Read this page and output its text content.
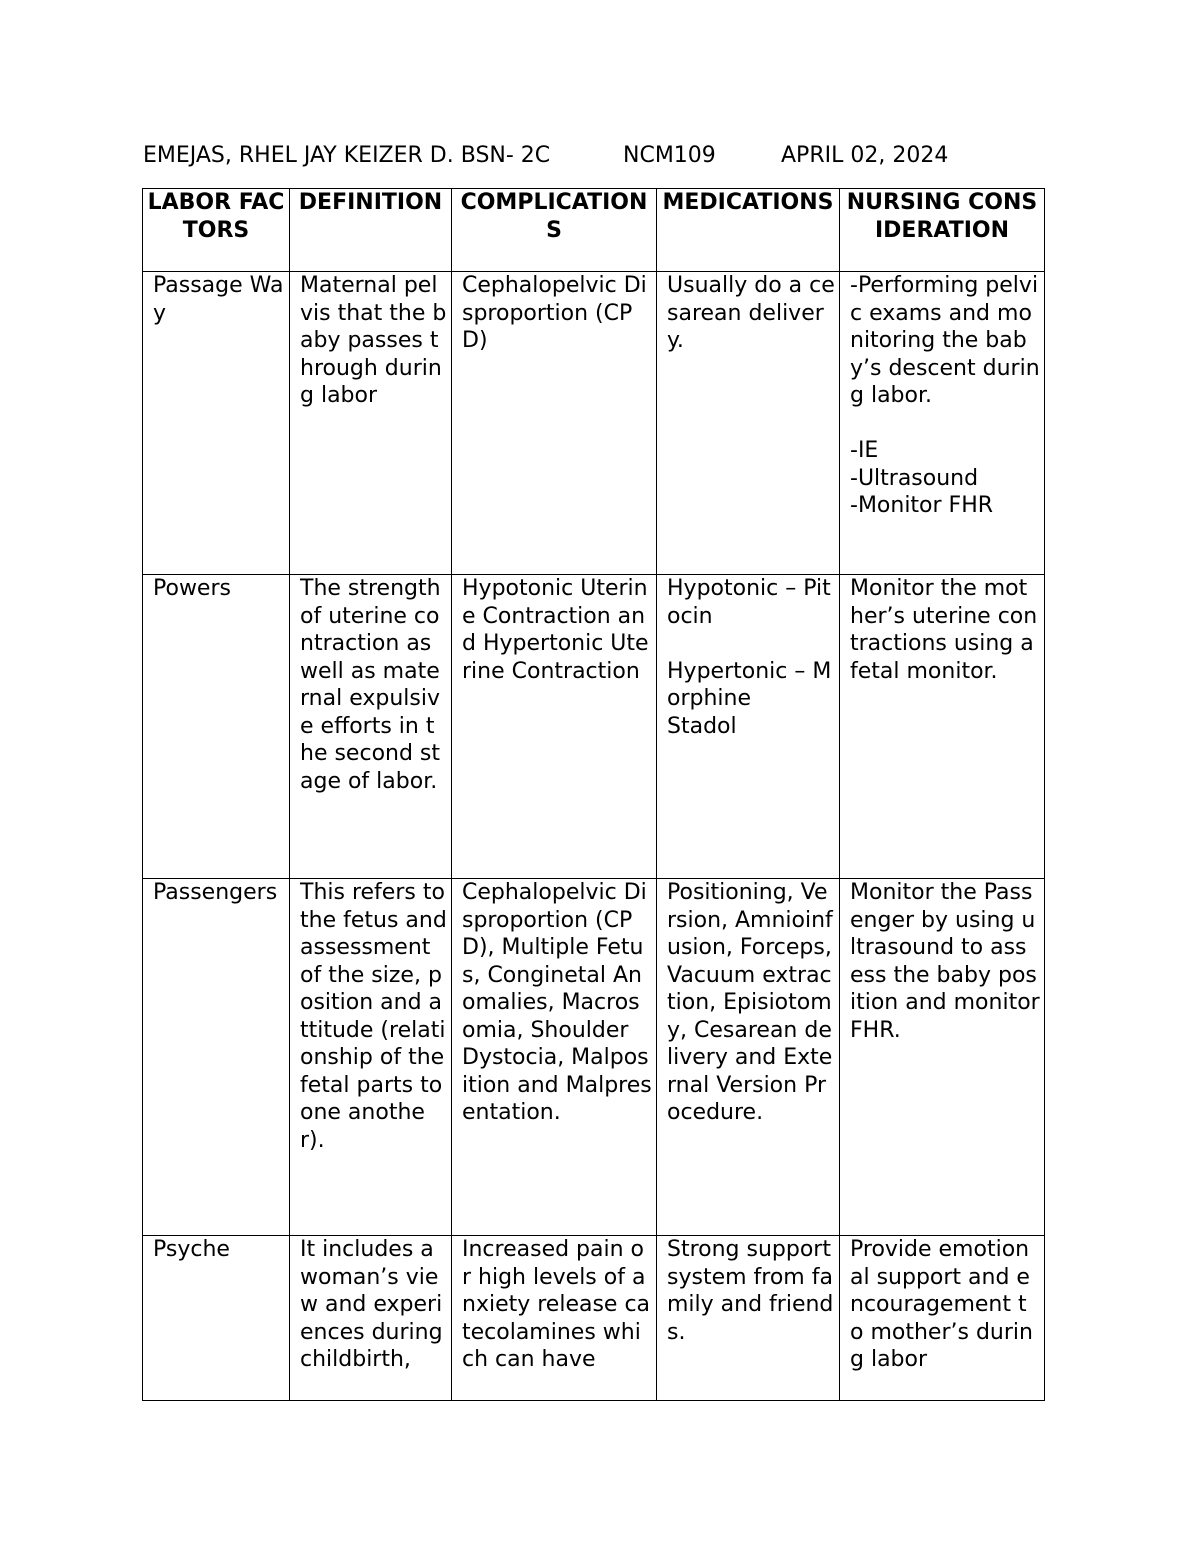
EMEJAS, RHEL JAY KEIZER D. BSN- 2C	NCM109	APRIL 02, 2024
LABOR FACTORS	DEFINITION	COMPLICATIONS	MEDICATIONS	NURSING CONSIDERATION
Passage Way	Maternal pelvis that the baby passes through during labor	Cephalopelvic Disproportion (CPD)	Usually do a cesarean delivery.	-Performing pelvic exams and monitoring the baby’s descent during labor.

-IE
-Ultrasound
-Monitor FHR
Powers	The strength of uterine contraction as well as maternal expulsive efforts in the second stage of labor.	Hypotonic Uterine Contraction and Hypertonic Uterine Contraction	Hypotonic – Pitocin

Hypertonic – Morphine
Stadol	Monitor the mother’s uterine contractions using a fetal monitor.
Passengers	This refers to the fetus and assessment of the size, position and attitude (relationship of the fetal parts to one another).	Cephalopelvic Disproportion (CPD), Multiple Fetus, Conginetal Anomalies, Macrosomia, Shoulder Dystocia, Malposition and Malpresentation.	Positioning, Version, Amnioinfusion, Forceps, Vacuum extraction, Episiotomy, Cesarean delivery and External Version Procedure.	Monitor the Passenger by using ultrasound to assess the baby position and monitor FHR.
Psyche	It includes a woman’s view and experiences during childbirth,	Increased pain or high levels of anxiety release catecolamines which can have	Strong support system from family and friends.	Provide emotional support and encouragement to mother’s during labor
